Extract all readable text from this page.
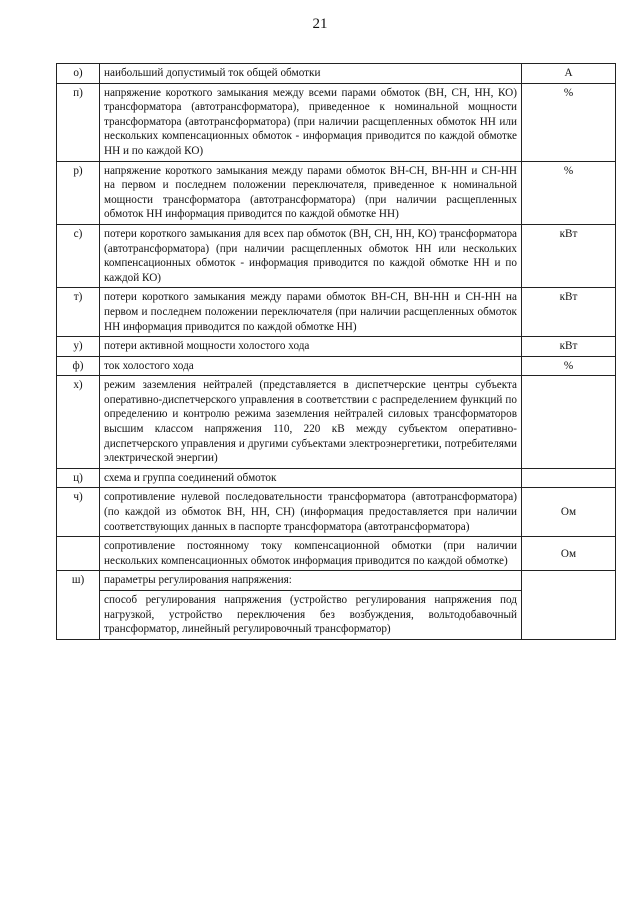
21
о)	наибольший допустимый ток общей обмотки	А
п)	напряжение короткого замыкания между всеми парами обмоток (ВН, СН, НН, КО) трансформатора (автотрансформатора), приведенное к номинальной мощности трансформатора (автотрансформатора) (при наличии расщепленных обмоток НН или нескольких компенсационных обмоток - информация приводится по каждой обмотке НН и по каждой КО)	%
р)	напряжение короткого замыкания между парами обмоток ВН-СН, ВН-НН и СН-НН на первом и последнем положении переключателя, приведенное к номинальной мощности трансформатора (автотрансформатора) (при наличии расщепленных обмоток НН информация приводится по каждой обмотке НН)	%
с)	потери короткого замыкания для всех пар обмоток (ВН, СН, НН, КО) трансформатора (автотрансформатора) (при наличии расщепленных обмоток НН или нескольких компенсационных обмоток - информация приводится по каждой обмотке НН и по каждой КО)	кВт
т)	потери короткого замыкания между парами обмоток ВН-СН, ВН-НН и СН-НН на первом и последнем положении переключателя (при наличии расщепленных обмоток НН информация приводится по каждой обмотке НН)	кВт
у)	потери активной мощности холостого хода	кВт
ф)	ток холостого хода	%
х)	режим заземления нейтралей (представляется в диспетчерские центры субъекта оперативно-диспетчерского управления в соответствии с распределением функций по определению и контролю режима заземления нейтралей силовых трансформаторов высшим классом напряжения 110, 220 кВ между субъектом оперативно-диспетчерского управления и другими субъектами электроэнергетики, потребителями электрической энергии)	
ц)	схема и группа соединений обмоток	
ч)	сопротивление нулевой последовательности трансформатора (автотрансформатора) (по каждой из обмоток ВН, НН, СН) (информация предоставляется при наличии соответствующих данных в паспорте трансформатора (автотрансформатора)	Ом
	сопротивление постоянному току компенсационной обмотки (при наличии нескольких компенсационных обмоток информация приводится по каждой обмотке)	Ом
ш)	параметры регулирования напряжения:	
	способ регулирования напряжения (устройство регулирования напряжения под нагрузкой, устройство переключения без возбуждения, вольтодобавочный трансформатор, линейный регулировочный трансформатор)	
